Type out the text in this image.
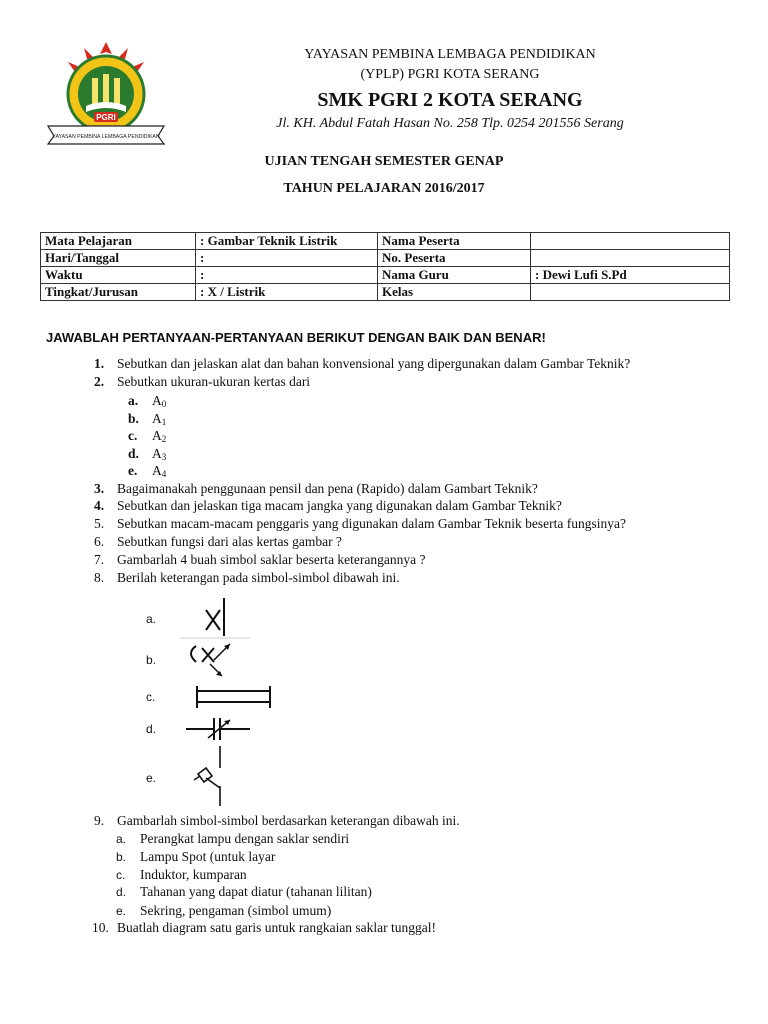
PGRI
YAYASAN PEMBINA LEMBAGA PENDIDIKAN
YAYASAN PEMBINA LEMBAGA PENDIDIKAN
(YPLP) PGRI KOTA SERANG
SMK PGRI 2 KOTA SERANG
Jl. KH. Abdul Fatah Hasan No. 258 Tlp. 0254 201556 Serang
UJIAN TENGAH SEMESTER GENAP
TAHUN PELAJARAN 2016/2017
Mata Pelajaran	: Gambar Teknik Listrik	Nama Peserta	
Hari/Tanggal	:	No. Peserta	
Waktu	:	Nama Guru	: Dewi Lufi S.Pd
Tingkat/Jurusan	: X / Listrik	Kelas	
JAWABLAH PERTANYAAN-PERTANYAAN BERIKUT DENGAN BAIK DAN BENAR!
1. Sebutkan dan jelaskan alat dan bahan konvensional yang dipergunakan dalam Gambar Teknik?
2. Sebutkan ukuran-ukuran kertas dari
a. $A_0$
b. $A_1$
c. $A_2$
d. $A_3$
e. $A_4$
3. Bagaimanakah penggunaan pensil dan pena (Rapido) dalam Gambart Teknik?
4. Sebutkan dan jelaskan tiga macam jangka yang digunakan dalam Gambar Teknik?
5. Sebutkan macam-macam penggaris yang digunakan dalam Gambar Teknik beserta fungsinya?
6. Sebutkan fungsi dari alas kertas gambar ?
7. Gambarlah 4 buah simbol saklar beserta keterangannya ?
8. Berilah keterangan pada simbol-simbol dibawah ini.
a.
b.
c.
d.
e.
9. Gambarlah simbol-simbol berdasarkan keterangan dibawah ini.
a. Perangkat lampu dengan saklar sendiri
b. Lampu Spot (untuk layar
c. Induktor, kumparan
d. Tahanan yang dapat diatur (tahanan lilitan)
e. Sekring, pengaman (simbol umum)
10. Buatlah diagram satu garis untuk rangkaian saklar tunggal!
